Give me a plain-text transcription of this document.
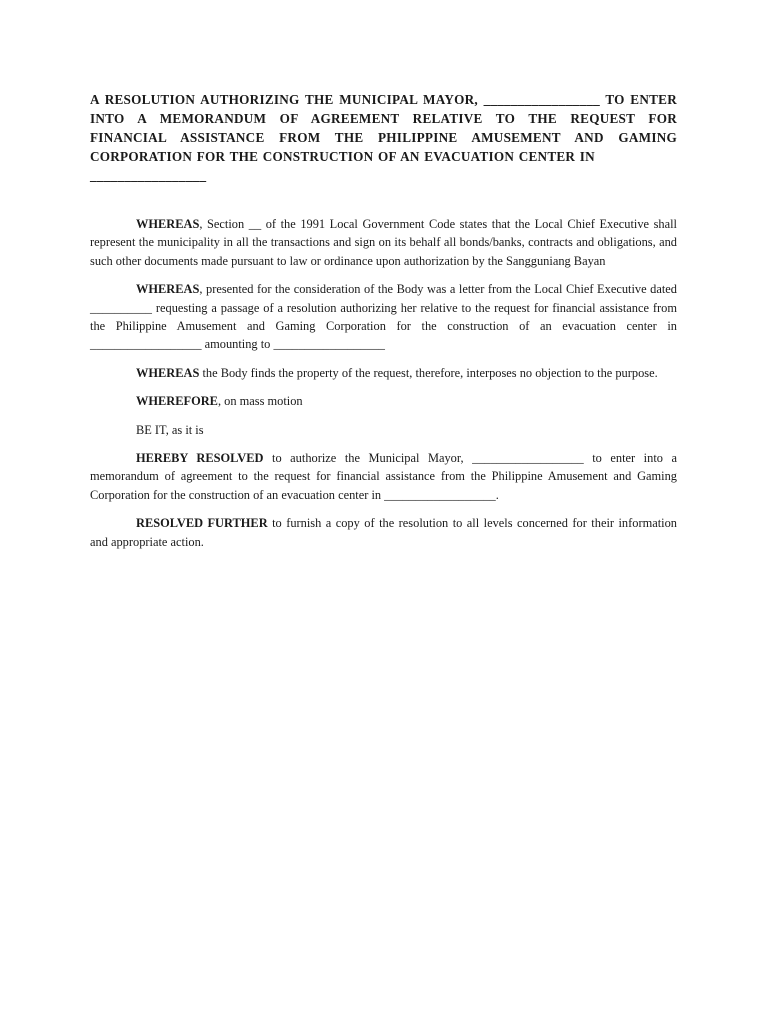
A RESOLUTION AUTHORIZING THE MUNICIPAL MAYOR, _________________ TO ENTER INTO A MEMORANDUM OF AGREEMENT RELATIVE TO THE REQUEST FOR FINANCIAL ASSISTANCE FROM THE PHILIPPINE AMUSEMENT AND GAMING CORPORATION FOR THE CONSTRUCTION OF AN EVACUATION CENTER IN
_________________

WHEREAS, Section __ of the 1991 Local Government Code states that the Local Chief Executive shall represent the municipality in all the transactions and sign on its behalf all bonds/banks, contracts and obligations, and such other documents made pursuant to law or ordinance upon authorization by the Sangguniang Bayan

WHEREAS, presented for the consideration of the Body was a letter from the Local Chief Executive dated __________ requesting a passage of a resolution authorizing her relative to the request for financial assistance from the Philippine Amusement and Gaming Corporation for the construction of an evacuation center in __________________ amounting to __________________

WHEREAS the Body finds the property of the request, therefore, interposes no objection to the purpose.

WHEREFORE, on mass motion

BE IT, as it is

HEREBY RESOLVED to authorize the Municipal Mayor, __________________ to enter into a memorandum of agreement to the request for financial assistance from the Philippine Amusement and Gaming Corporation for the construction of an evacuation center in __________________.

RESOLVED FURTHER to furnish a copy of the resolution to all levels concerned for their information and appropriate action.
